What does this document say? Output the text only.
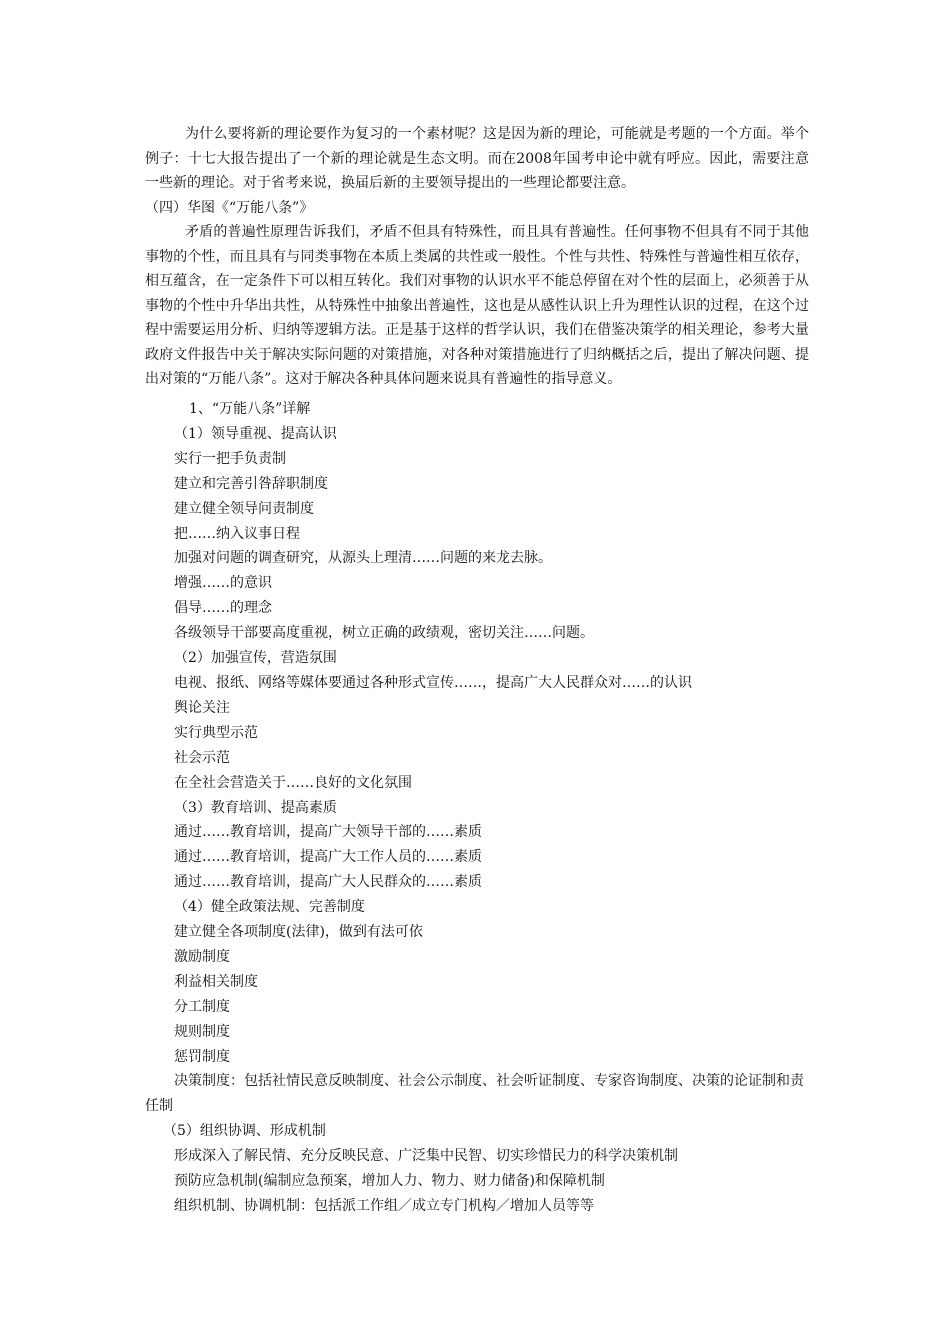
为什么要将新的理论要作为复习的一个素材呢？这是因为新的理论，可能就是考题的一个方面。举个例子：十七大报告提出了一个新的理论就是生态文明。而在2008年国考申论中就有呼应。因此，需要注意一些新的理论。对于省考来说，换届后新的主要领导提出的一些理论都要注意。

（四）华图《“万能八条”》

矛盾的普遍性原理告诉我们，矛盾不但具有特殊性，而且具有普遍性。任何事物不但具有不同于其他事物的个性，而且具有与同类事物在本质上类属的共性或一般性。个性与共性、特殊性与普遍性相互依存，相互蕴含，在一定条件下可以相互转化。我们对事物的认识水平不能总停留在对个性的层面上，必须善于从事物的个性中升华出共性，从特殊性中抽象出普遍性，这也是从感性认识上升为理性认识的过程，在这个过程中需要运用分析、归纳等逻辑方法。正是基于这样的哲学认识，我们在借鉴决策学的相关理论，参考大量政府文件报告中关于解决实际问题的对策措施，对各种对策措施进行了归纳概括之后，提出了解决问题、提出对策的“万能八条”。这对于解决各种具体问题来说具有普遍性的指导意义。

1、“万能八条”详解
（1）领导重视、提高认识
实行一把手负责制
建立和完善引咎辞职制度
建立健全领导问责制度
把……纳入议事日程
加强对问题的调查研究，从源头上理清……问题的来龙去脉。
增强……的意识
倡导……的理念
各级领导干部要高度重视，树立正确的政绩观，密切关注……问题。
（2）加强宣传，营造氛围
电视、报纸、网络等媒体要通过各种形式宣传……，提高广大人民群众对……的认识
舆论关注
实行典型示范
社会示范
在全社会营造关于……良好的文化氛围
（3）教育培训、提高素质
通过……教育培训，提高广大领导干部的……素质
通过……教育培训，提高广大工作人员的……素质
通过……教育培训，提高广大人民群众的……素质
（4）健全政策法规、完善制度
建立健全各项制度(法律)，做到有法可依
激励制度
利益相关制度
分工制度
规则制度
惩罚制度
决策制度：包括社情民意反映制度、社会公示制度、社会听证制度、专家咨询制度、决策的论证制和责任制
（5）组织协调、形成机制
形成深入了解民情、充分反映民意、广泛集中民智、切实珍惜民力的科学决策机制
预防应急机制(编制应急预案，增加人力、物力、财力储备)和保障机制
组织机制、协调机制：包括派工作组／成立专门机构／增加人员等等
